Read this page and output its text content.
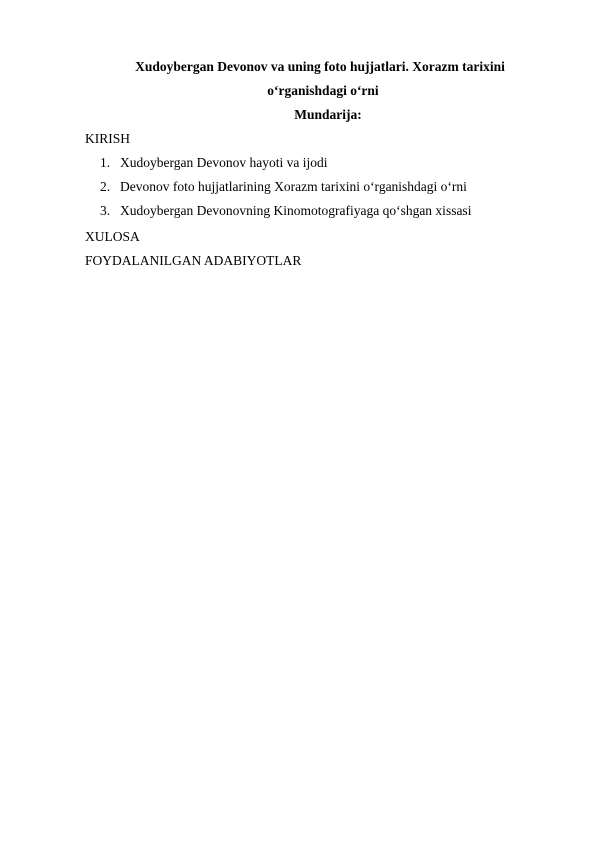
Xudoybergan Devonov va uning foto hujjatlari. Xorazm tarixini
o‘rganishdagi o‘rni
Mundarija:
KIRISH
1. Xudoybergan Devonov hayoti va ijodi
2. Devonov foto hujjatlarining Xorazm tarixini o‘rganishdagi o‘rni
3. Xudoybergan Devonovning Kinomotografiyaga qo‘shgan xissasi
XULOSA
FOYDALANILGAN ADABIYOTLAR
